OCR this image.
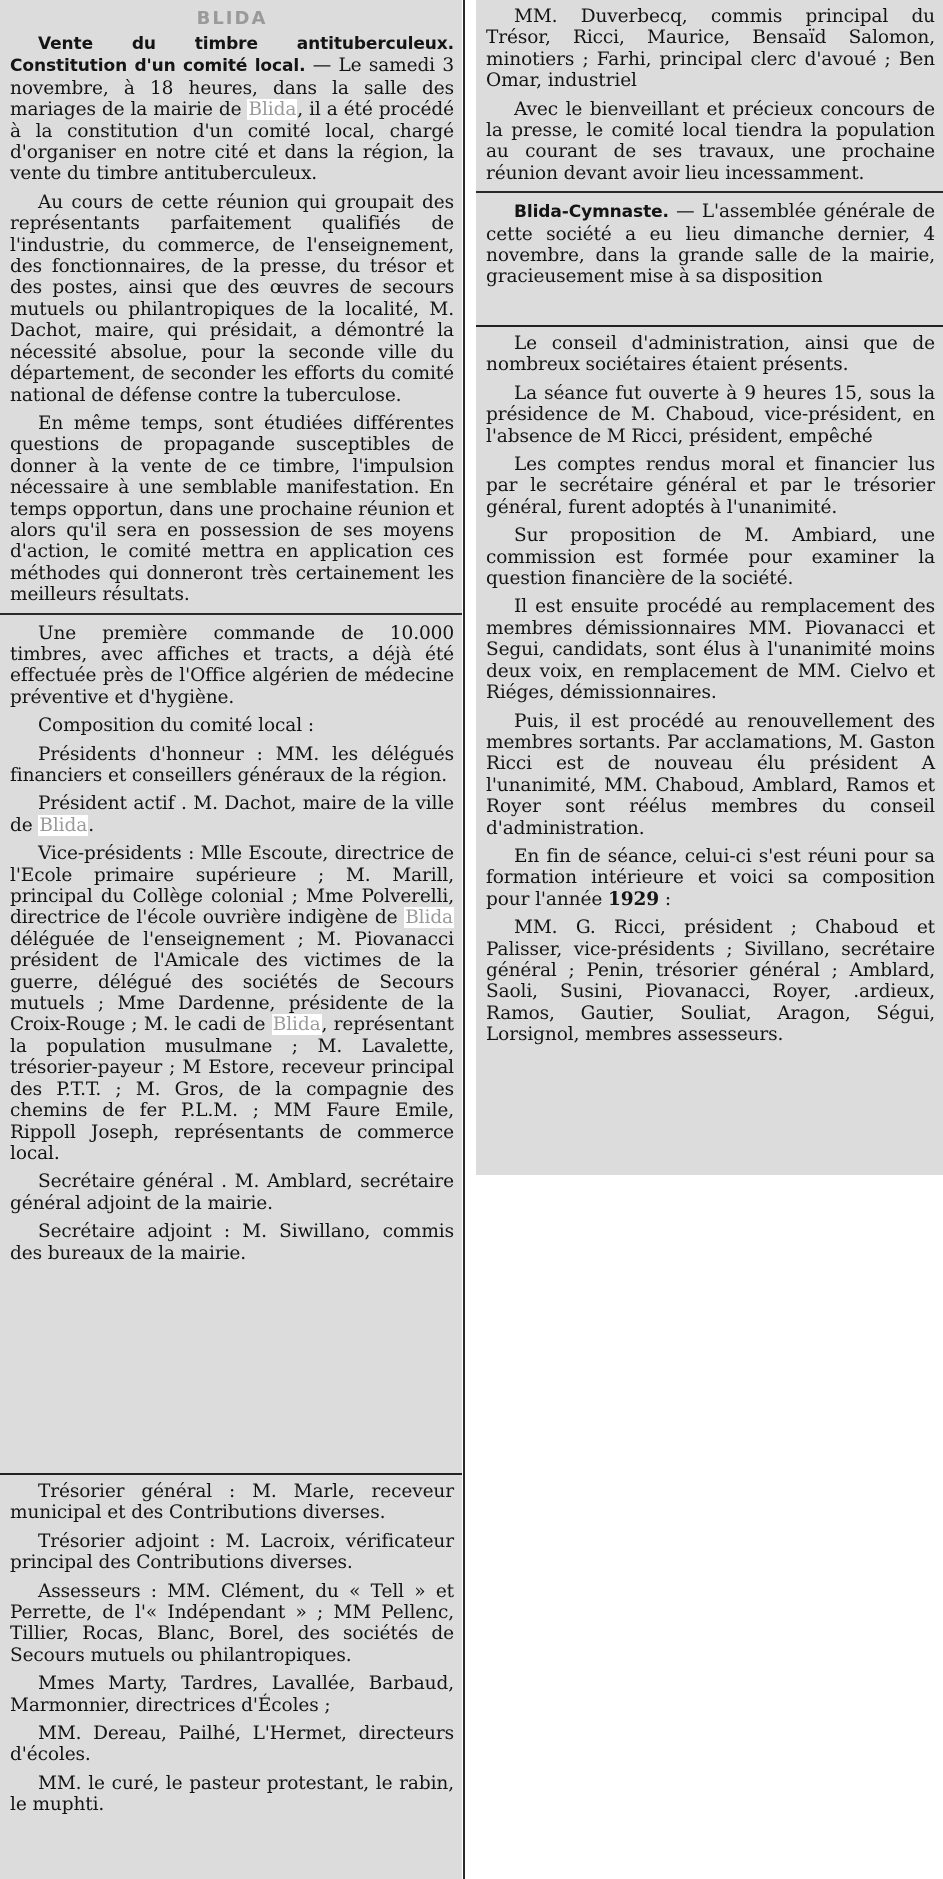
BLIDA

Vente du timbre antituberculeux. Constitution d'un comité local. — Le samedi 3 novembre, à 18 heures, dans la salle des mariages de la mairie de Blida, il a été procédé à la constitution d'un comité local, chargé d'organiser en notre cité et dans la région, la vente du timbre antituberculeux.

Au cours de cette réunion qui groupait des représentants parfaitement qualifiés de l'industrie, du commerce, de l'enseignement, des fonctionnaires, de la presse, du trésor et des postes, ainsi que des œuvres de secours mutuels ou philantropiques de la localité, M. Dachot, maire, qui présidait, a démontré la nécessité absolue, pour la seconde ville du département, de seconder les efforts du comité national de défense contre la tuberculose.

En même temps, sont étudiées différentes questions de propagande susceptibles de donner à la vente de ce timbre, l'impulsion nécessaire à une semblable manifestation. En temps opportun, dans une prochaine réunion et alors qu'il sera en possession de ses moyens d'action, le comité mettra en application ces méthodes qui donneront très certainement les meilleurs résultats.

Une première commande de 10.000 timbres, avec affiches et tracts, a déjà été effectuée près de l'Office algérien de médecine préventive et d'hygiène.

Composition du comité local :

Présidents d'honneur : MM. les délégués financiers et conseillers généraux de la région.

Président actif . M. Dachot, maire de la ville de Blida.

Vice-présidents : Mlle Escoute, directrice de l'Ecole primaire supérieure ; M. Marill, principal du Collège colonial ; Mme Polverelli, directrice de l'école ouvrière indigène de Blida déléguée de l'enseignement ; M. Piovanacci président de l'Amicale des victimes de la guerre, délégué des sociétés de Secours mutuels ; Mme Dardenne, présidente de la Croix-Rouge ; M. le cadi de Blida, représentant la population musulmane ; M. Lavalette, trésorier-payeur ; M Estore, receveur principal des P.T.T. ; M. Gros, de la compagnie des chemins de fer P.L.M. ; MM Faure Emile, Rippoll Joseph, représentants de commerce local.

Secrétaire général . M. Amblard, secrétaire général adjoint de la mairie.

Secrétaire adjoint : M. Siwillano, commis des bureaux de la mairie.

Trésorier général : M. Marle, receveur municipal et des Contributions diverses.

Trésorier adjoint : M. Lacroix, vérificateur principal des Contributions diverses.

Assesseurs : MM. Clément, du « Tell » et Perrette, de l'« Indépendant » ; MM Pellenc, Tillier, Rocas, Blanc, Borel, des sociétés de Secours mutuels ou philantropiques.

Mmes Marty, Tardres, Lavallée, Barbaud, Marmonnier, directrices d'Écoles ;

MM. Dereau, Pailhé, L'Hermet, directeurs d'écoles.

MM. le curé, le pasteur protestant, le rabin, le muphti.

MM. Duverbecq, commis principal du Trésor, Ricci, Maurice, Bensaïd Salomon, minotiers ; Farhi, principal clerc d'avoué ; Ben Omar, industriel

Avec le bienveillant et précieux concours de la presse, le comité local tiendra la population au courant de ses travaux, une prochaine réunion devant avoir lieu incessamment.

Blida-Cymnaste. — L'assemblée générale de cette société a eu lieu dimanche dernier, 4 novembre, dans la grande salle de la mairie, gracieusement mise à sa disposition

Le conseil d'administration, ainsi que de nombreux sociétaires étaient présents.

La séance fut ouverte à 9 heures 15, sous la présidence de M. Chaboud, vice-président, en l'absence de M Ricci, président, empêché

Les comptes rendus moral et financier lus par le secrétaire général et par le trésorier général, furent adoptés à l'unanimité.

Sur proposition de M. Ambiard, une commission est formée pour examiner la question financière de la société.

Il est ensuite procédé au remplacement des membres démissionnaires MM. Piovanacci et Segui, candidats, sont élus à l'unanimité moins deux voix, en remplacement de MM. Cielvo et Riéges, démissionnaires.

Puis, il est procédé au renouvellement des membres sortants. Par acclamations, M. Gaston Ricci est de nouveau élu président A l'unanimité, MM. Chaboud, Amblard, Ramos et Royer sont réélus membres du conseil d'administration.

En fin de séance, celui-ci s'est réuni pour sa formation intérieure et voici sa composition pour l'année 1929 :

MM. G. Ricci, président ; Chaboud et Palisser, vice-présidents ; Sivillano, secrétaire général ; Penin, trésorier général ; Amblard, Saoli, Susini, Piovanacci, Royer, .ardieux, Ramos, Gautier, Souliat, Aragon, Ségui, Lorsignol, membres assesseurs.
